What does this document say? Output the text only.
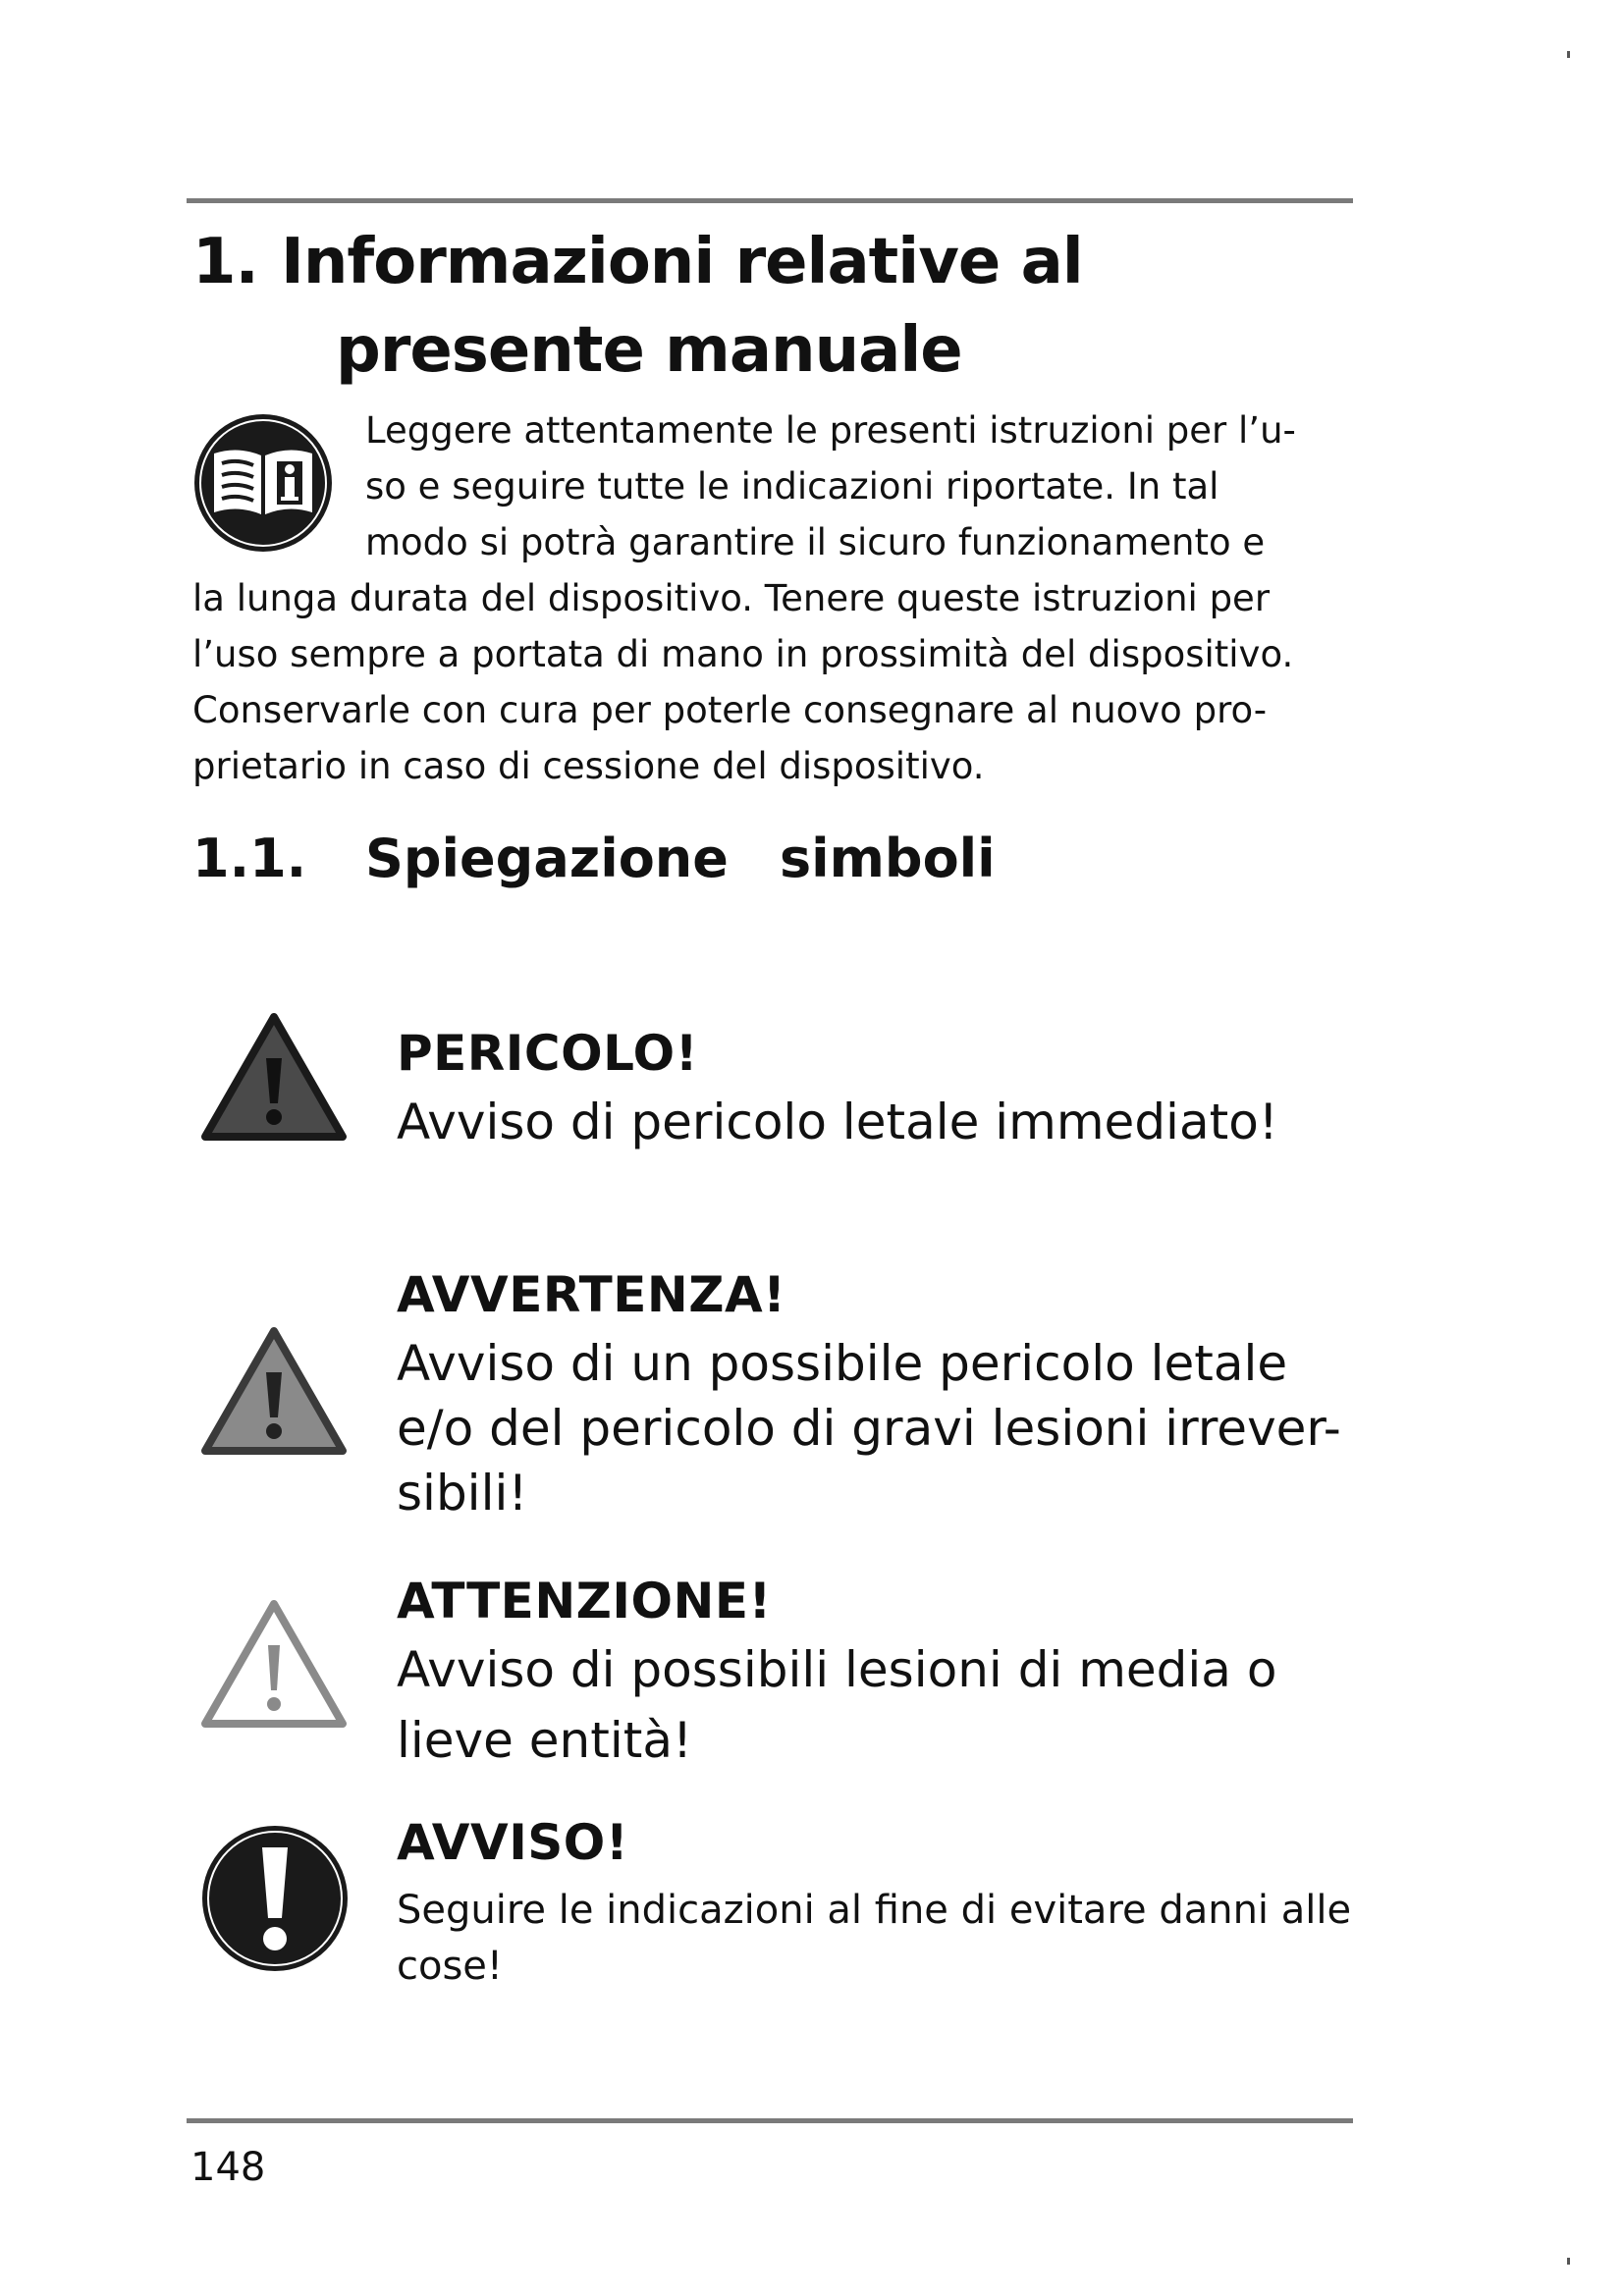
1. Informazioni relative al
presente manuale
Leggere attentamente le presenti istruzioni per l’u-
so e seguire tutte le indicazioni riportate. In tal
modo si potrà garantire il sicuro funzionamento e
la lunga durata del dispositivo. Tenere queste istruzioni per
l’uso sempre a portata di mano in prossimità del dispositivo.
Conservarle con cura per poterle consegnare al nuovo pro-
prietario in caso di cessione del dispositivo.
1.1. Spiegazione simboli
PERICOLO!
Avviso di pericolo letale immediato!
AVVERTENZA!
Avviso di un possibile pericolo letale
e/o del pericolo di gravi lesioni irrever-
sibili!
ATTENZIONE!
Avviso di possibili lesioni di media o
lieve entità!
AVVISO!
Seguire le indicazioni al fine di evitare danni alle
cose!
148
